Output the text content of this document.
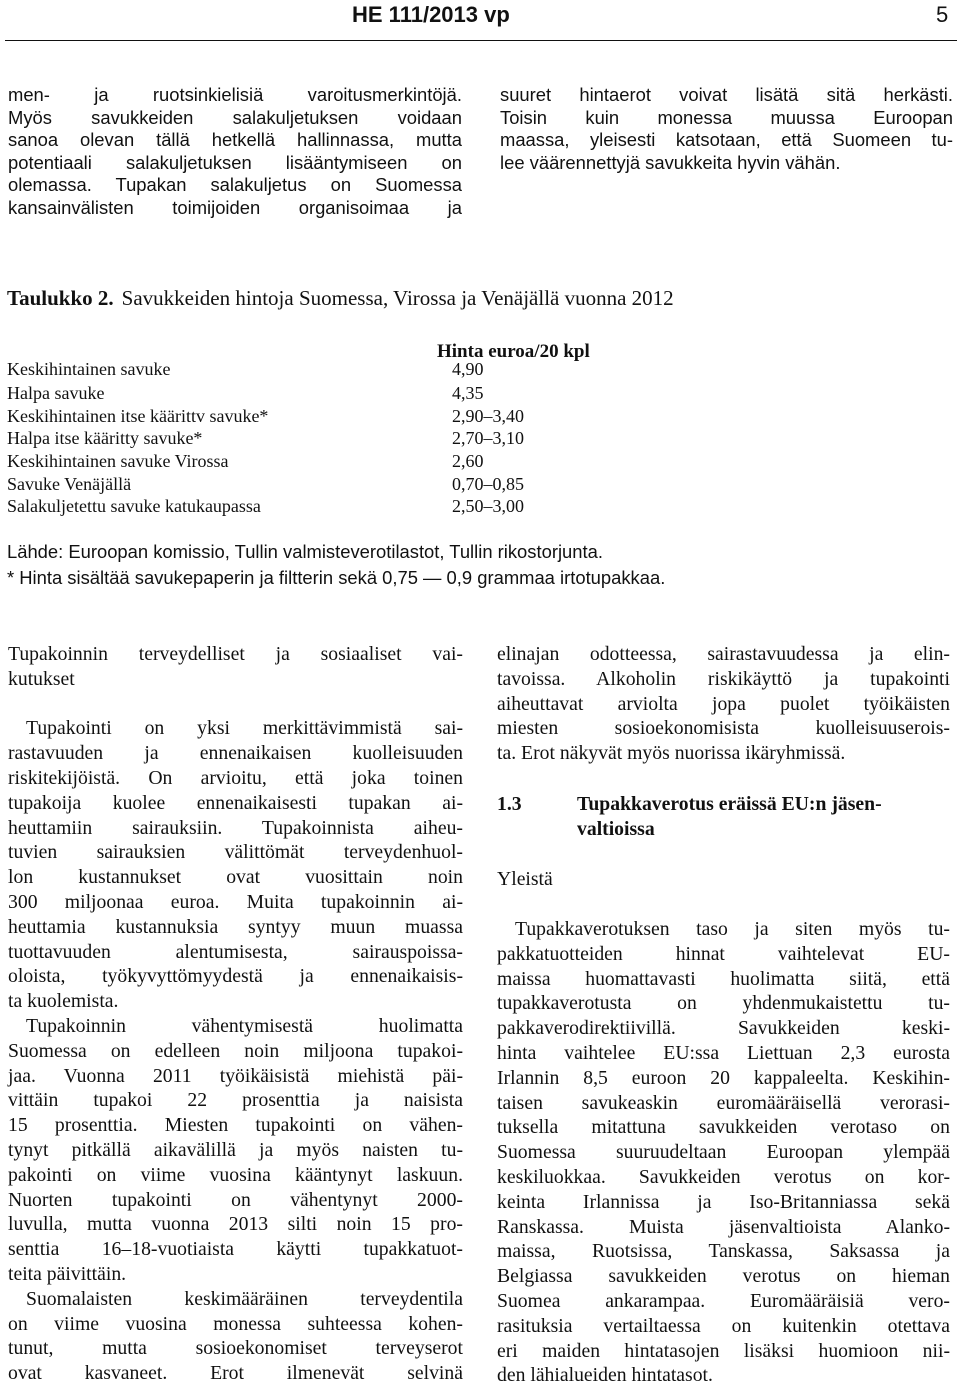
HE 111/2013 vp	5
men- ja ruotsinkielisiä varoitusmerkintöjä.
Myös savukkeiden salakuljetuksen voidaan
sanoa olevan tällä hetkellä hallinnassa, mutta
potentiaali salakuljetuksen lisääntymiseen on
olemassa. Tupakan salakuljetus on Suomessa
kansainvälisten toimijoiden organisoimaa ja
suuret hintaerot voivat lisätä sitä herkästi.
Toisin kuin monessa muussa Euroopan
maassa, yleisesti katsotaan, että Suomeen tu-
lee väärennettyjä savukkeita hyvin vähän.
Taulukko 2. Savukkeiden hintoja Suomessa, Virossa ja Venäjällä vuonna 2012
Hinta euroa/20 kpl
Keskihintainen savuke	4,90
Halpa savuke	4,35
Keskihintainen itse käärittv savuke*	2,90–3,40
Halpa itse kääritty savuke*	2,70–3,10
Keskihintainen savuke Virossa	2,60
Savuke Venäjällä	0,70–0,85
Salakuljetettu savuke katukaupassa	2,50–3,00
Lähde: Euroopan komissio, Tullin valmisteverotilastot, Tullin rikostorjunta.
* Hinta sisältää savukepaperin ja filtterin sekä 0,75 — 0,9 grammaa irtotupakkaa.
Tupakoinnin terveydelliset ja sosiaaliset vai-
kutukset

Tupakointi on yksi merkittävimmistä sai-
rastavuuden ja ennenaikaisen kuolleisuuden
riskitekijöistä. On arvioitu, että joka toinen
tupakoija kuolee ennenaikaisesti tupakan ai-
heuttamiin sairauksiin. Tupakoinnista aiheu-
tuvien sairauksien välittömät terveydenhuol-
lon kustannukset ovat vuosittain noin
300 miljoonaa euroa. Muita tupakoinnin ai-
heuttamia kustannuksia syntyy muun muassa
tuottavuuden alentumisesta, sairauspoissa-
oloista, työkyvyttömyydestä ja ennenaikaisis-
ta kuolemista.
Tupakoinnin vähentymisestä huolimatta
Suomessa on edelleen noin miljoona tupakoi-
jaa. Vuonna 2011 työikäisistä miehistä päi-
vittäin tupakoi 22 prosenttia ja naisista
15 prosenttia. Miesten tupakointi on vähen-
tynyt pitkällä aikavälillä ja myös naisten tu-
pakointi on viime vuosina kääntynyt laskuun.
Nuorten tupakointi on vähentynyt 2000-
luvulla, mutta vuonna 2013 silti noin 15 pro-
senttia 16–18-vuotiaista käytti tupakkatuot-
teita päivittäin.
Suomalaisten keskimääräinen terveydentila
on viime vuosina monessa suhteessa kohen-
tunut, mutta sosioekonomiset terveyserot
ovat kasvaneet. Erot ilmenevät selvinä
elinajan odotteessa, sairastavuudessa ja elin-
tavoissa. Alkoholin riskikäyttö ja tupakointi
aiheuttavat arviolta jopa puolet työikäisten
miesten sosioekonomisista kuolleisuuserois-
ta. Erot näkyvät myös nuorissa ikäryhmissä.
1.3	Tupakkaverotus eräissä EU:n jäsen-
valtioissa
Yleistä
Tupakkaverotuksen taso ja siten myös tu-
pakkatuotteiden hinnat vaihtelevat EU-
maissa huomattavasti huolimatta siitä, että
tupakkaverotusta on yhdenmukaistettu tu-
pakkaverodirektiivillä. Savukkeiden keski-
hinta vaihtelee EU:ssa Liettuan 2,3 eurosta
Irlannin 8,5 euroon 20 kappaleelta. Keskihin-
taisen savukeaskin euromääräisellä verorasi-
tuksella mitattuna savukkeiden verotaso on
Suomessa suuruudeltaan Euroopan ylempää
keskiluokkaa. Savukkeiden verotus on kor-
keinta Irlannissa ja Iso-Britanniassa sekä
Ranskassa. Muista jäsenvaltioista Alanko-
maissa, Ruotsissa, Tanskassa, Saksassa ja
Belgiassa savukkeiden verotus on hieman
Suomea ankarampaa. Euromääräisiä vero-
rasituksia vertailtaessa on kuitenkin otettava
eri maiden hintatasojen lisäksi huomioon nii-
den lähialueiden hintatasot.
